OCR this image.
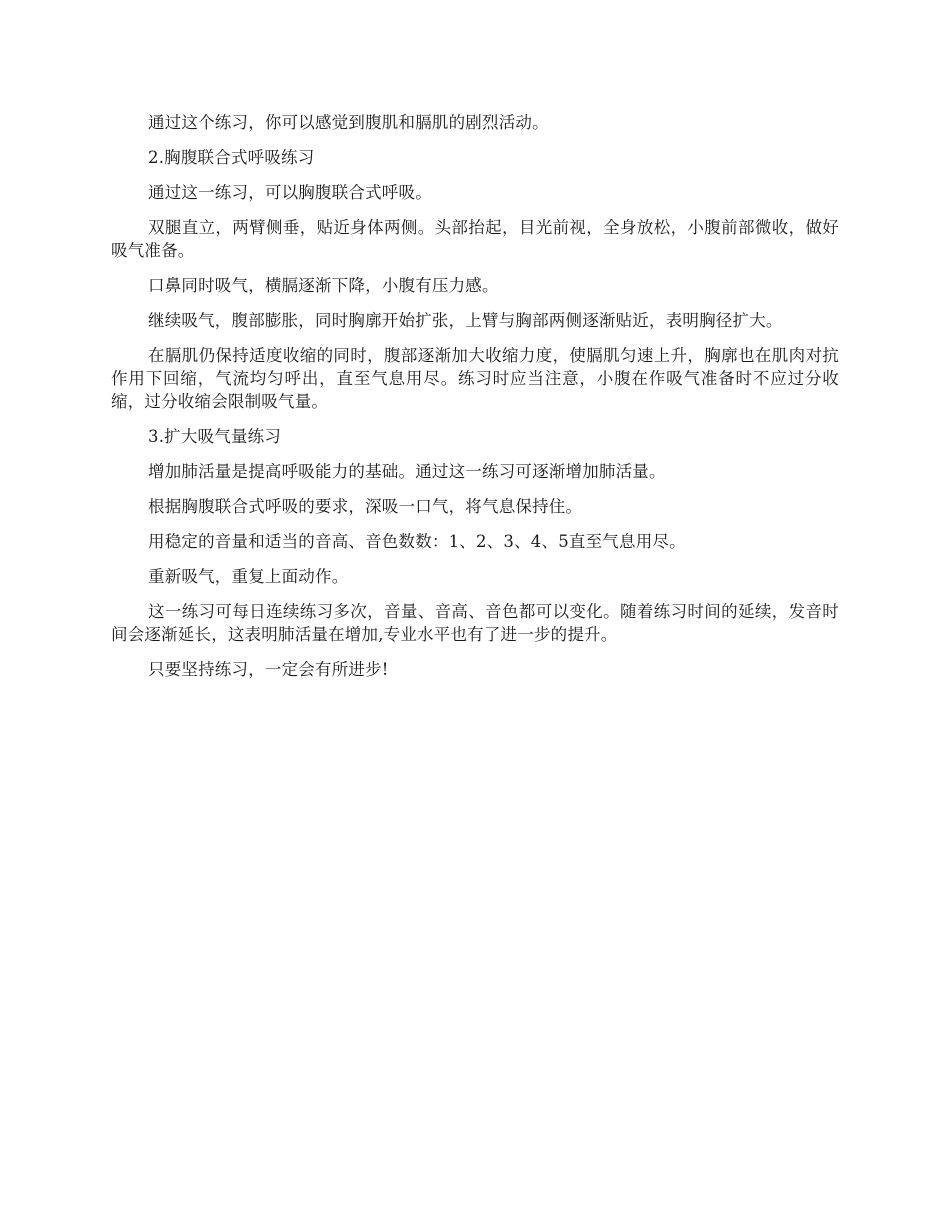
通过这个练习，你可以感觉到腹肌和膈肌的剧烈活动。

2.胸腹联合式呼吸练习

通过这一练习，可以胸腹联合式呼吸。

双腿直立，两臂侧垂，贴近身体两侧。头部抬起，目光前视，全身放松，小腹前部微收，做好吸气准备。

口鼻同时吸气，横膈逐渐下降，小腹有压力感。

继续吸气，腹部膨胀，同时胸廓开始扩张，上臂与胸部两侧逐渐贴近，表明胸径扩大。

在膈肌仍保持适度收缩的同时，腹部逐渐加大收缩力度，使膈肌匀速上升，胸廓也在肌肉对抗作用下回缩，气流均匀呼出，直至气息用尽。练习时应当注意，小腹在作吸气准备时不应过分收缩，过分收缩会限制吸气量。

3.扩大吸气量练习

增加肺活量是提高呼吸能力的基础。通过这一练习可逐渐增加肺活量。

根据胸腹联合式呼吸的要求，深吸一口气，将气息保持住。

用稳定的音量和适当的音高、音色数数：1、2、3、4、5直至气息用尽。

重新吸气，重复上面动作。

这一练习可每日连续练习多次，音量、音高、音色都可以变化。随着练习时间的延续，发音时间会逐渐延长，这表明肺活量在增加,专业水平也有了进一步的提升。

只要坚持练习，一定会有所进步!
